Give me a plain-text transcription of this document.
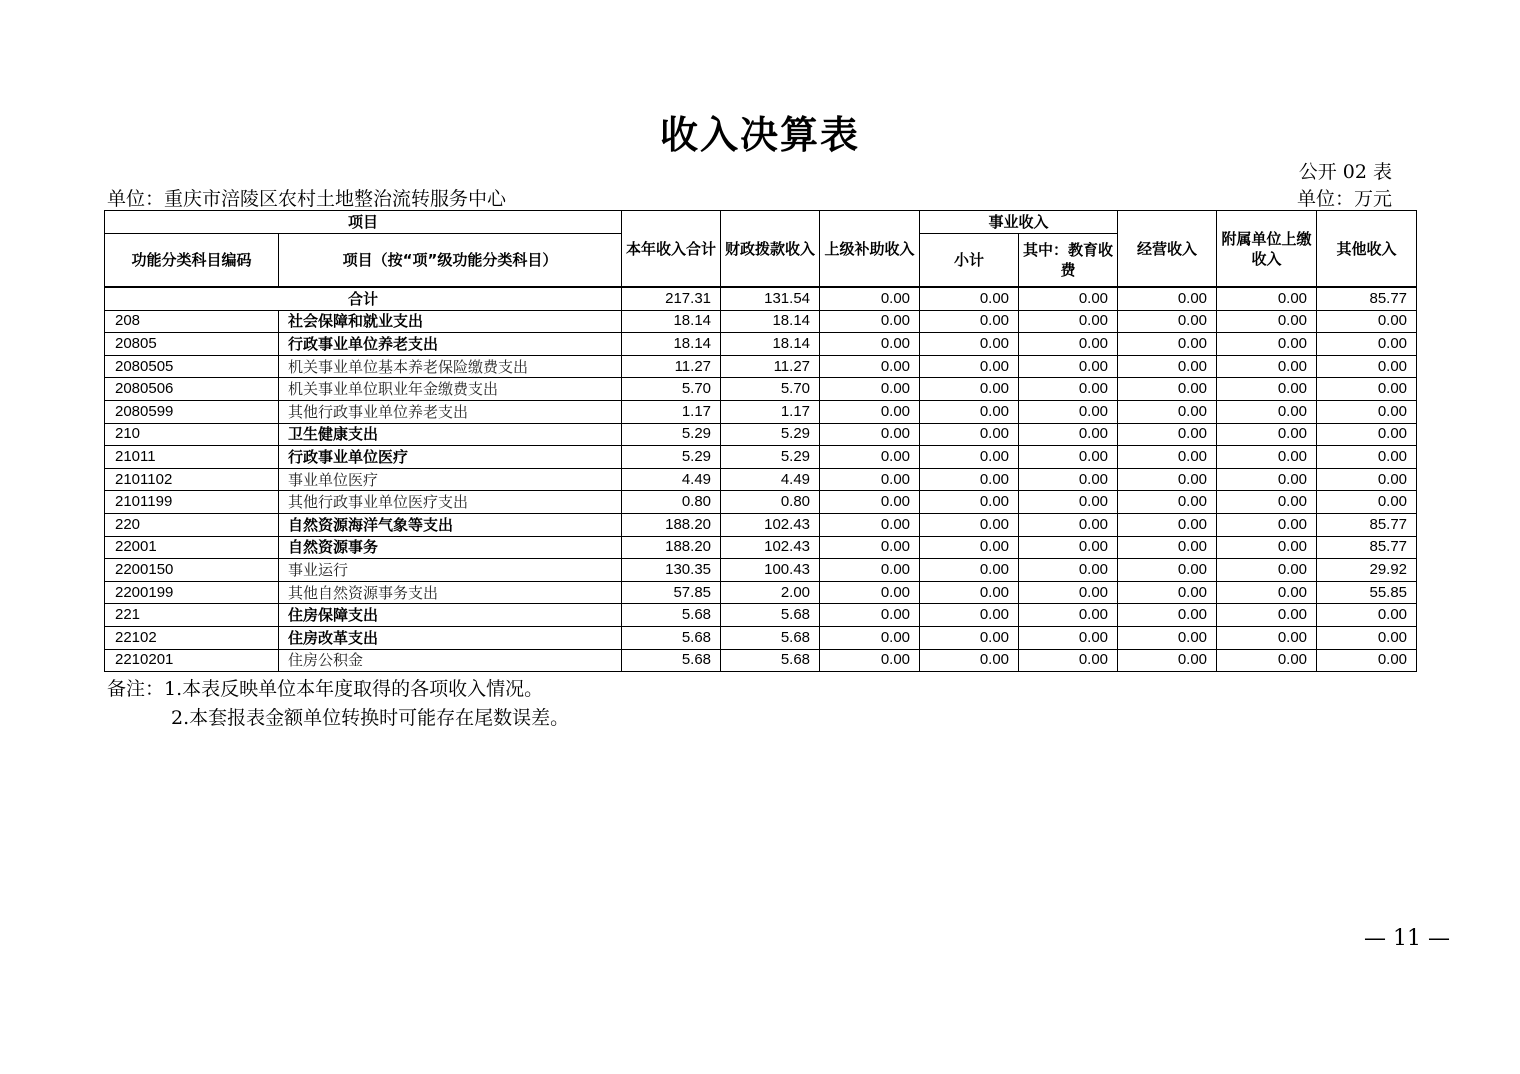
收入决算表
公开 02 表
单位：重庆市涪陵区农村土地整治流转服务中心	单位：万元
项目		本年收入合计	财政拨款收入	上级补助收入	事业收入		经营收入	附属单位上缴收入	其他收入
功能分类科目编码	项目（按“项”级功能分类科目）				小计	其中：教育收费			
合计		217.31	131.54	0.00	0.00	0.00	0.00	0.00	85.77
208	社会保障和就业支出	18.14	18.14	0.00	0.00	0.00	0.00	0.00	0.00
20805	行政事业单位养老支出	18.14	18.14	0.00	0.00	0.00	0.00	0.00	0.00
2080505	机关事业单位基本养老保险缴费支出	11.27	11.27	0.00	0.00	0.00	0.00	0.00	0.00
2080506	机关事业单位职业年金缴费支出	5.70	5.70	0.00	0.00	0.00	0.00	0.00	0.00
2080599	其他行政事业单位养老支出	1.17	1.17	0.00	0.00	0.00	0.00	0.00	0.00
210	卫生健康支出	5.29	5.29	0.00	0.00	0.00	0.00	0.00	0.00
21011	行政事业单位医疗	5.29	5.29	0.00	0.00	0.00	0.00	0.00	0.00
2101102	事业单位医疗	4.49	4.49	0.00	0.00	0.00	0.00	0.00	0.00
2101199	其他行政事业单位医疗支出	0.80	0.80	0.00	0.00	0.00	0.00	0.00	0.00
220	自然资源海洋气象等支出	188.20	102.43	0.00	0.00	0.00	0.00	0.00	85.77
22001	自然资源事务	188.20	102.43	0.00	0.00	0.00	0.00	0.00	85.77
2200150	事业运行	130.35	100.43	0.00	0.00	0.00	0.00	0.00	29.92
2200199	其他自然资源事务支出	57.85	2.00	0.00	0.00	0.00	0.00	0.00	55.85
221	住房保障支出	5.68	5.68	0.00	0.00	0.00	0.00	0.00	0.00
22102	住房改革支出	5.68	5.68	0.00	0.00	0.00	0.00	0.00	0.00
2210201	住房公积金	5.68	5.68	0.00	0.00	0.00	0.00	0.00	0.00
备注：1.本表反映单位本年度取得的各项收入情况。
2.本套报表金额单位转换时可能存在尾数误差。
— 11 —
